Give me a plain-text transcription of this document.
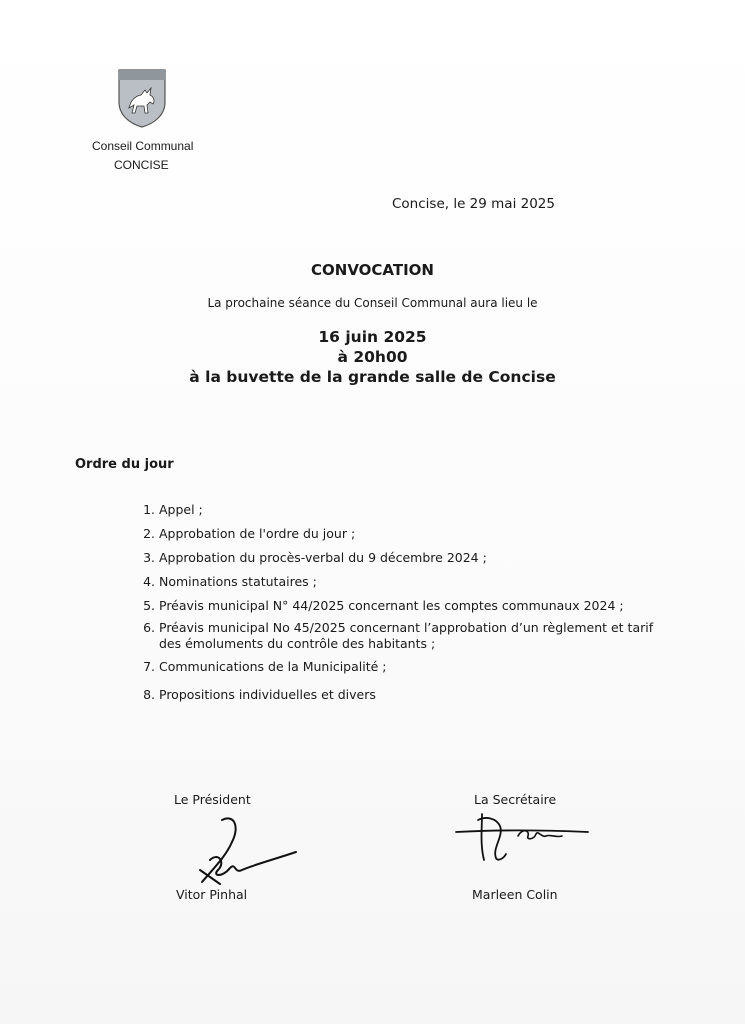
Conseil Communal
CONCISE
Concise, le 29 mai 2025
CONVOCATION
La prochaine séance du Conseil Communal aura lieu le
16 juin 2025
à 20h00
à la buvette de la grande salle de Concise
Ordre du jour
1. Appel ;
2. Approbation de l'ordre du jour ;
3. Approbation du procès-verbal du 9 décembre 2024 ;
4. Nominations statutaires ;
5. Préavis municipal N° 44/2025 concernant les comptes communaux 2024 ;
6. Préavis municipal No 45/2025 concernant l’approbation d’un règlement et tarif des émoluments du contrôle des habitants ;
7. Communications de la Municipalité ;
8. Propositions individuelles et divers
Le Président	La Secrétaire
Vitor Pinhal	Marleen Colin
